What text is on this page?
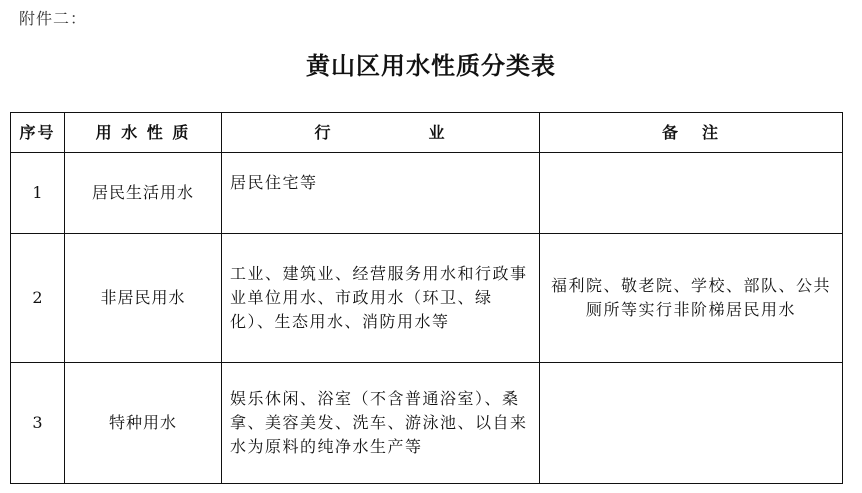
附件二：
黄山区用水性质分类表
序号	用 水 性 质	行 业	备 注
1	居民生活用水	居民住宅等	
2	非居民用水	工业、建筑业、经营服务用水和行政事业单位用水、市政用水（环卫、绿化）、生态用水、消防用水等	福利院、敬老院、学校、部队、公共厕所等实行非阶梯居民用水
3	特种用水	娱乐休闲、浴室（不含普通浴室）、桑拿、美容美发、洗车、游泳池、以自来水为原料的纯净水生产等	
